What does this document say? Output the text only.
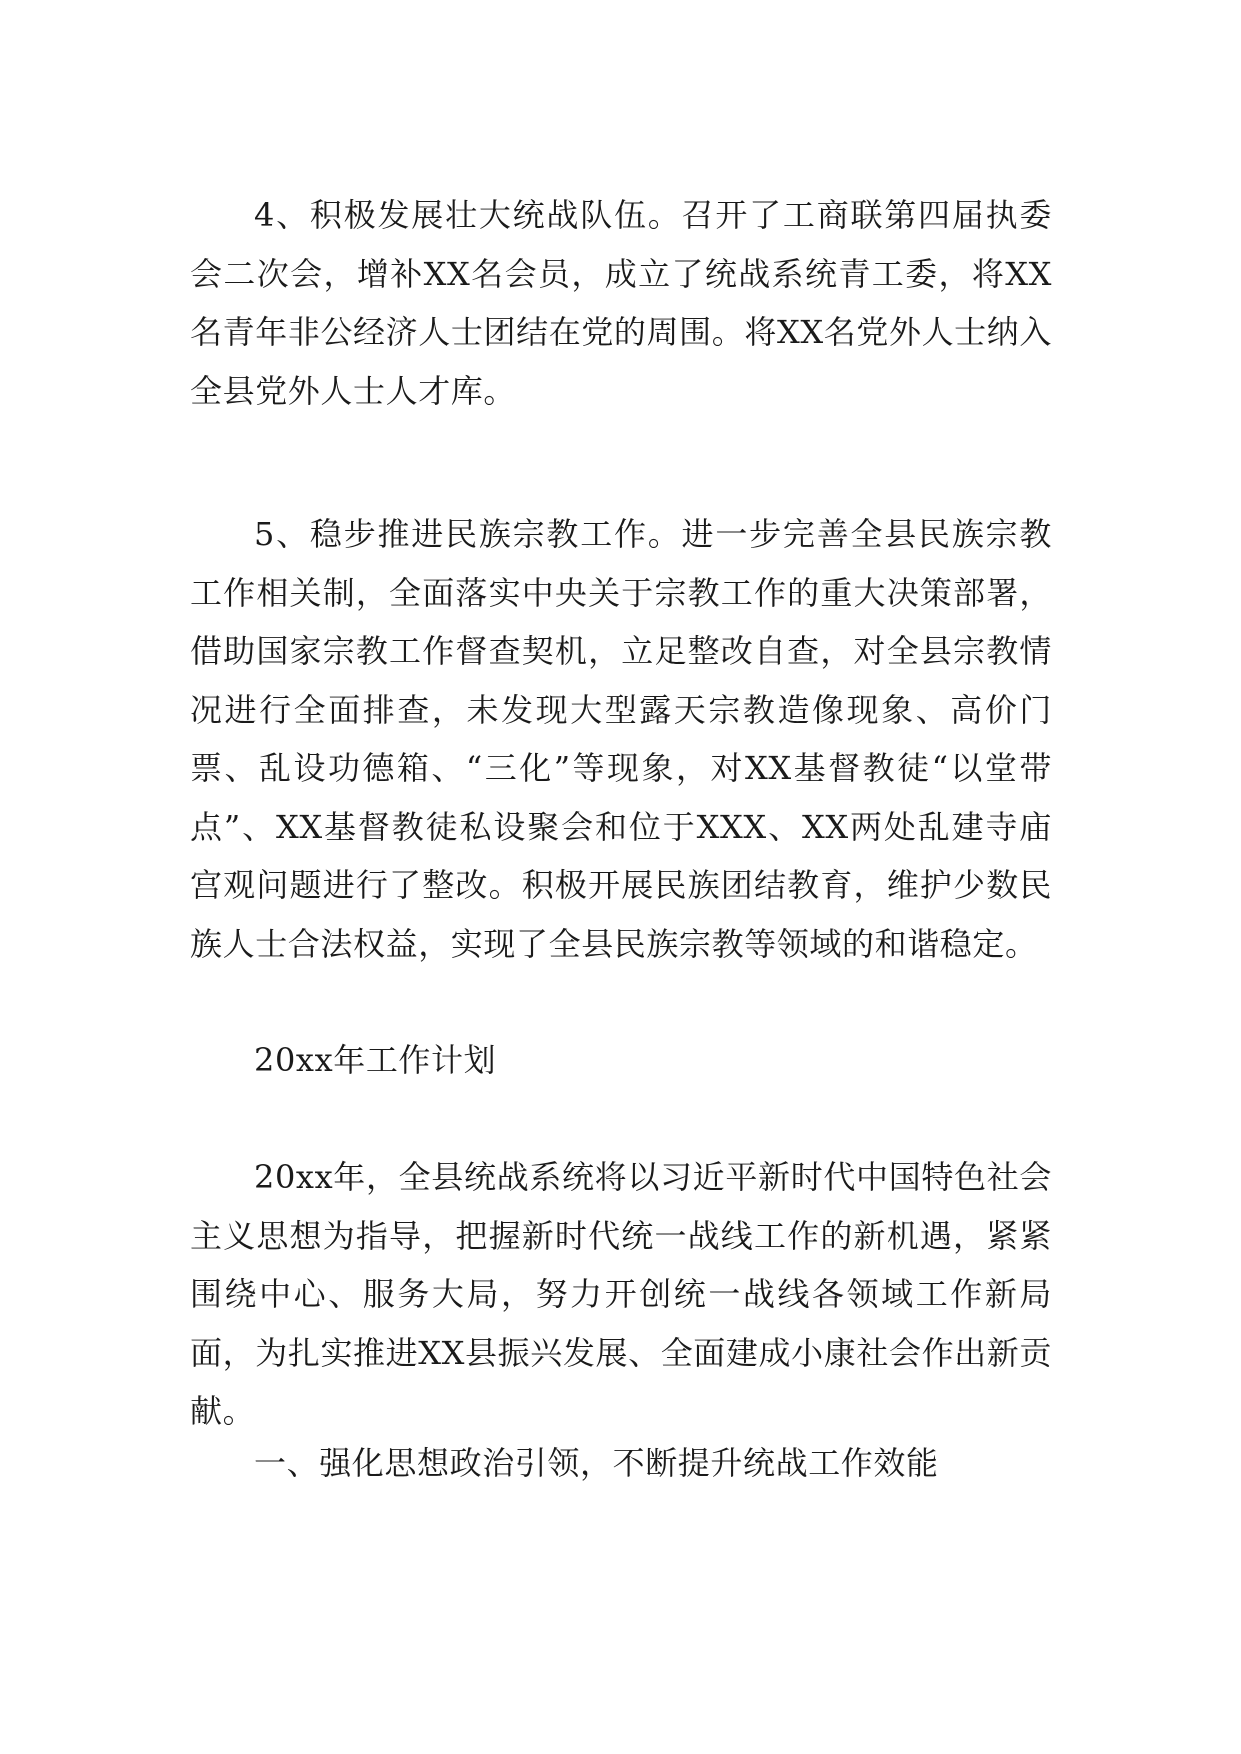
4、积极发展壮大统战队伍。召开了工商联第四届执委会二次会，增补XX名会员，成立了统战系统青工委，将XX名青年非公经济人士团结在党的周围。将XX名党外人士纳入全县党外人士人才库。

5、稳步推进民族宗教工作。进一步完善全县民族宗教工作相关制，全面落实中央关于宗教工作的重大决策部署，借助国家宗教工作督查契机，立足整改自查，对全县宗教情况进行全面排查，未发现大型露天宗教造像现象、高价门票、乱设功德箱、“三化”等现象，对XX基督教徒“以堂带点”、XX基督教徒私设聚会和位于XXX、XX两处乱建寺庙宫观问题进行了整改。积极开展民族团结教育，维护少数民族人士合法权益，实现了全县民族宗教等领域的和谐稳定。

20xx年工作计划

20xx年，全县统战系统将以习近平新时代中国特色社会主义思想为指导，把握新时代统一战线工作的新机遇，紧紧围绕中心、服务大局，努力开创统一战线各领域工作新局面，为扎实推进XX县振兴发展、全面建成小康社会作出新贡献。

一、强化思想政治引领，不断提升统战工作效能
